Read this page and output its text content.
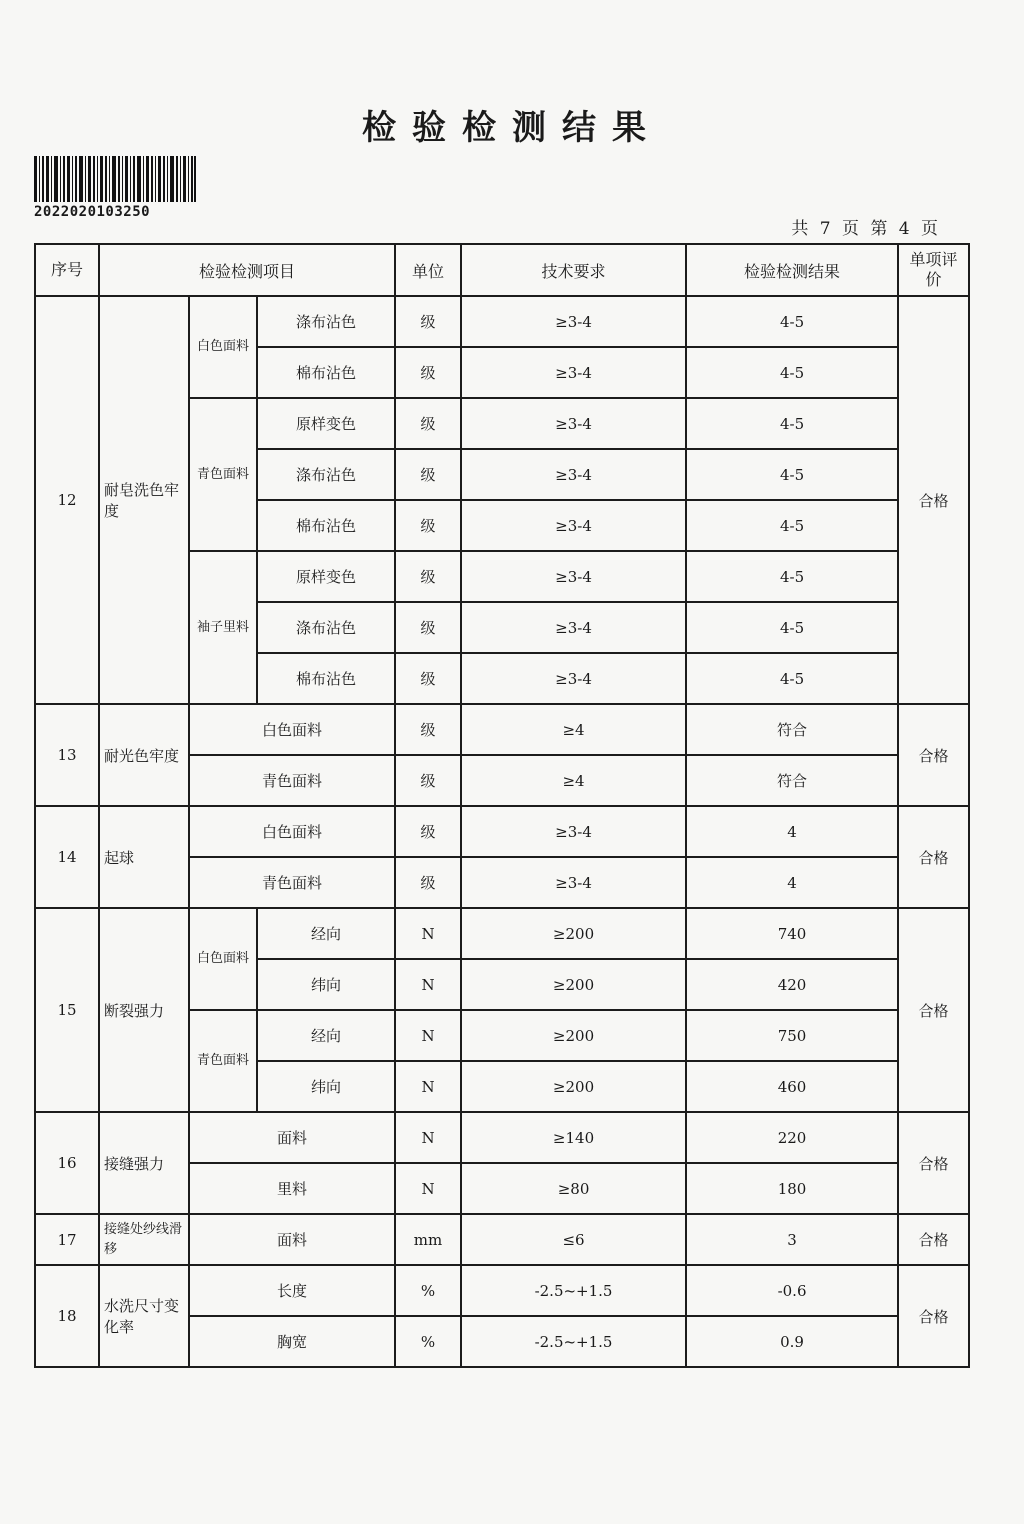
检验检测结果
2022020103250
共 7 页 第 4 页
序号	检验检测项目			单位	技术要求	检验检测结果	单项评价
12	耐皂洗色牢度	白色面料	涤布沾色	级	≥3-4	4-5	合格
			棉布沾色	级	≥3-4	4-5	
		青色面料	原样变色	级	≥3-4	4-5	
			涤布沾色	级	≥3-4	4-5	
			棉布沾色	级	≥3-4	4-5	
		袖子里料	原样变色	级	≥3-4	4-5	
			涤布沾色	级	≥3-4	4-5	
			棉布沾色	级	≥3-4	4-5	
13	耐光色牢度	白色面料		级	≥4	符合	合格
		青色面料		级	≥4	符合	
14	起球	白色面料		级	≥3-4	4	合格
		青色面料		级	≥3-4	4	
15	断裂强力	白色面料	经向	N	≥200	740	合格
			纬向	N	≥200	420	
		青色面料	经向	N	≥200	750	
			纬向	N	≥200	460	
16	接缝强力	面料		N	≥140	220	合格
		里料		N	≥80	180	
17	接缝处纱线滑移	面料		mm	≤6	3	合格
18	水洗尺寸变化率	长度		%	-2.5~+1.5	-0.6	合格
		胸宽		%	-2.5~+1.5	0.9	
